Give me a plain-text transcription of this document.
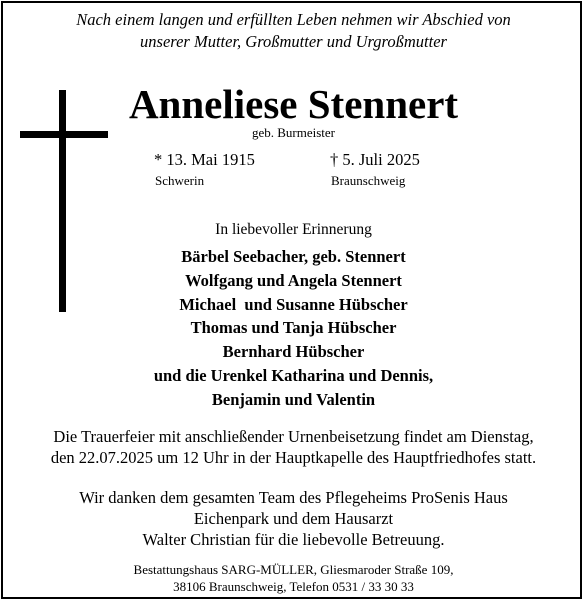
Nach einem langen und erfüllten Leben nehmen wir Abschied von
unserer Mutter, Großmutter und Urgroßmutter
Anneliese Stennert
geb. Burmeister
* 13. Mai 1915
Schwerin
† 5. Juli 2025
Braunschweig
In liebevoller Erinnerung
Bärbel Seebacher, geb. Stennert
Wolfgang und Angela Stennert
Michael  und Susanne Hübscher
Thomas und Tanja Hübscher
Bernhard Hübscher
und die Urenkel Katharina und Dennis,
Benjamin und Valentin
Die Trauerfeier mit anschließender Urnenbeisetzung findet am Dienstag,
den 22.07.2025 um 12 Uhr in der Hauptkapelle des Hauptfriedhofes statt.
Wir danken dem gesamten Team des Pflegeheims ProSenis Haus
Eichenpark und dem Hausarzt
Walter Christian für die liebevolle Betreuung.
Bestattungshaus SARG-MÜLLER, Gliesmaroder Straße 109,
38106 Braunschweig, Telefon 0531 / 33 30 33
